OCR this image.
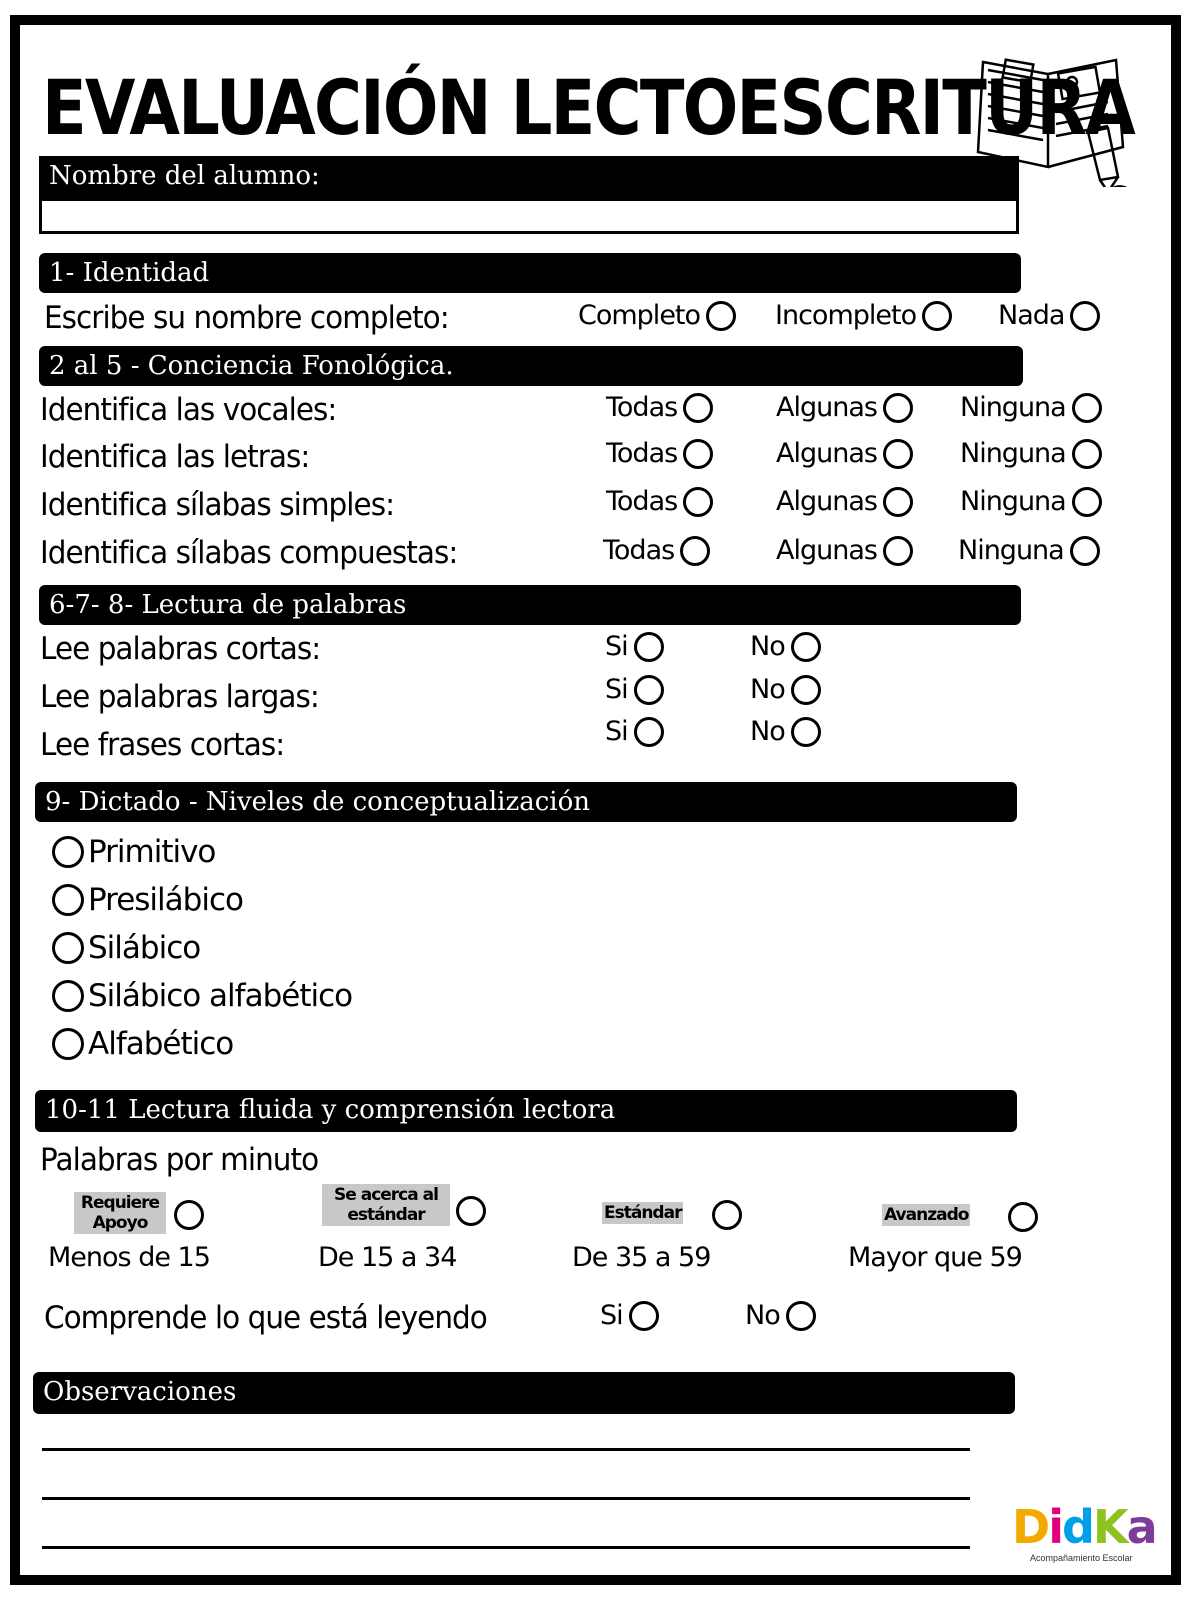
EVALUACIÓN LECTOESCRITURA
Nombre del alumno:
1- Identidad
Escribe su nombre completo:	Completo	Incompleto	Nada
2 al 5 - Conciencia Fonológica.
Identifica las vocales:	Todas	Algunas	Ninguna
Identifica las letras:	Todas	Algunas	Ninguna
Identifica sílabas simples:	Todas	Algunas	Ninguna
Identifica sílabas compuestas:	Todas	Algunas	Ninguna
6-7- 8- Lectura de palabras
Lee palabras cortas:	Si	No
Lee palabras largas:	Si	No
Lee frases cortas:	Si	No
9- Dictado - Niveles de conceptualización
Primitivo
Presilábico
Silábico
Silábico alfabético
Alfabético
10-11 Lectura fluida y comprensión lectora
Palabras por minuto
Requiere Apoyo
Menos de 15
Se acerca al estándar
De 15 a 34
Estándar
De 35 a 59
Avanzado
Mayor que 59
Comprende lo que está leyendo	Si	No
Observaciones
DidKa
Acompañamiento Escolar
